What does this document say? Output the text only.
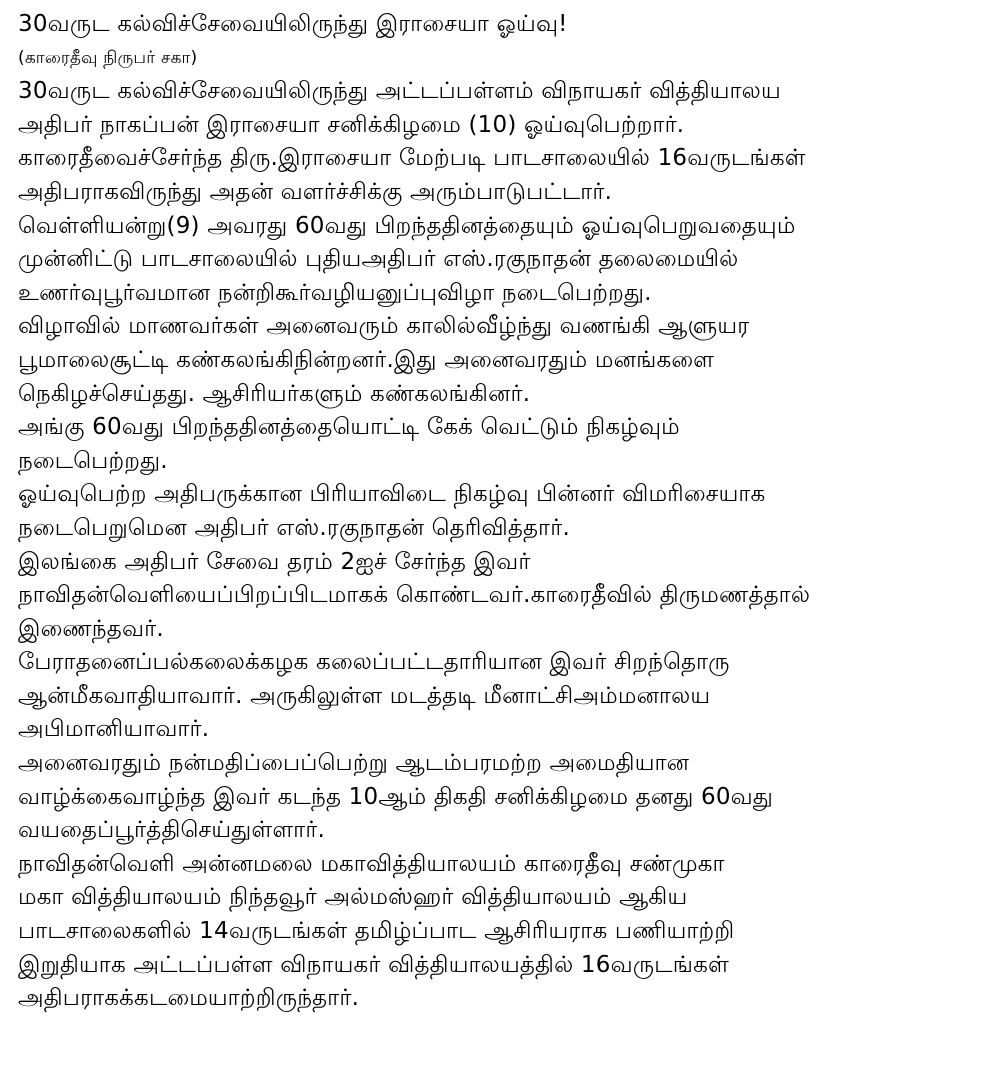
30வருட கல்விச்சேவையிலிருந்து இராசையா ஓய்வு!
(காரைதீவு நிருபர் சகா)
30வருட கல்விச்சேவையிலிருந்து அட்டப்பள்ளம் விநாயகர் வித்தியாலய
அதிபர் நாகப்பன் இராசையா சனிக்கிழமை (10) ஓய்வுபெற்றார்.
காரைதீவைச்சேர்ந்த திரு.இராசையா மேற்படி பாடசாலையில் 16வருடங்கள்
அதிபராகவிருந்து அதன் வளர்ச்சிக்கு அரும்பாடுபட்டார்.
வெள்ளியன்று(9) அவரது 60வது பிறந்ததினத்தையும் ஓய்வுபெறுவதையும்
முன்னிட்டு பாடசாலையில் புதியஅதிபர் எஸ்.ரகுநாதன் தலைமையில்
உணர்வுபூர்வமான நன்றிகூர்வழியனுப்புவிழா நடைபெற்றது.
விழாவில் மாணவர்கள் அனைவரும் காலில்வீழ்ந்து வணங்கி ஆளுயர
பூமாலைசூட்டி கண்கலங்கிநின்றனர்.இது அனைவரதும் மனங்களை
நெகிழச்செய்தது. ஆசிரியர்களும் கண்கலங்கினர்.
அங்கு 60வது பிறந்ததினத்தையொட்டி கேக் வெட்டும் நிகழ்வும்
நடைபெற்றது.
ஓய்வுபெற்ற அதிபருக்கான பிரியாவிடை நிகழ்வு பின்னர் விமரிசையாக
நடைபெறுமென அதிபர் எஸ்.ரகுநாதன் தெரிவித்தார்.
இலங்கை அதிபர் சேவை தரம் 2ஐச் சேர்ந்த இவர்
நாவிதன்வெளியைப்பிறப்பிடமாகக் கொண்டவர்.காரைதீவில் திருமணத்தால்
இணைந்தவர்.
பேராதனைப்பல்கலைக்கழக கலைப்பட்டதாரியான இவர் சிறந்தொரு
ஆன்மீகவாதியாவார். அருகிலுள்ள மடத்தடி மீனாட்சிஅம்மனாலய
அபிமானியாவார்.
அனைவரதும் நன்மதிப்பைப்பெற்று ஆடம்பரமற்ற அமைதியான
வாழ்க்கைவாழ்ந்த இவர் கடந்த 10ஆம் திகதி சனிக்கிழமை தனது 60வது
வயதைப்பூர்த்திசெய்துள்ளார்.
நாவிதன்வெளி அன்னமலை மகாவித்தியாலயம் காரைதீவு சண்முகா
மகா வித்தியாலயம் நிந்தவூர் அல்மஸ்ஹர் வித்தியாலயம் ஆகிய
பாடசாலைகளில் 14வருடங்கள் தமிழ்ப்பாட ஆசிரியராக பணியாற்றி
இறுதியாக அட்டப்பள்ள விநாயகர் வித்தியாலயத்தில் 16வருடங்கள்
அதிபராகக்கடமையாற்றிருந்தார்.
